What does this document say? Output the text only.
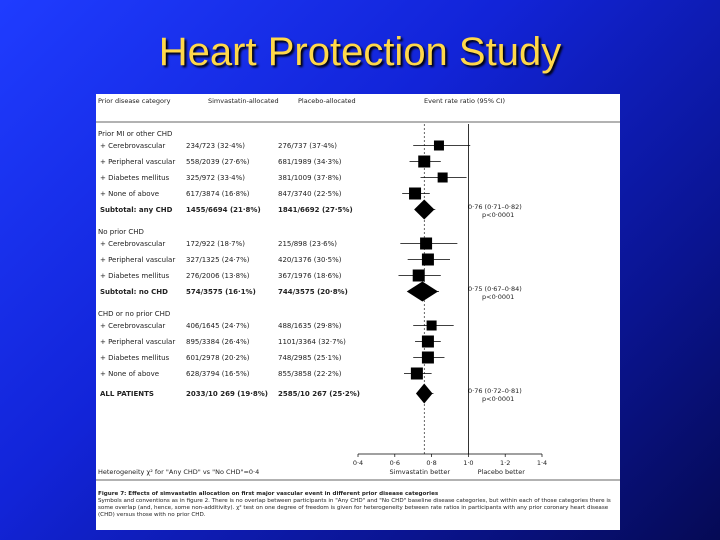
Heart Protection Study
Prior disease category	Simvastatin-allocated	Placebo-allocated	Event rate ratio (95% CI)
Prior MI or other CHD
+ Cerebrovascular	234/723 (32·4%)	276/737 (37·4%)
+ Peripheral vascular 558/2039 (27·6%)	681/1989 (34·3%)
+ Diabetes mellitus 325/972 (33·4%)	381/1009 (37·8%)
+ None of above	617/3874 (16·8%)	847/3740 (22·5%)
Subtotal: any CHD 1455/6694 (21·8%) 1841/6692 (27·5%)	0·76 (0·71–0·82)
p<0·0001
No prior CHD
+ Cerebrovascular	172/922 (18·7%)	215/898 (23·6%)
+ Peripheral vascular 327/1325 (24·7%)	420/1376 (30·5%)
+ Diabetes mellitus 276/2006 (13·8%)	367/1976 (18·6%)
Subtotal: no CHD	574/3575 (16·1%)	744/3575 (20·8%)	0·75 (0·67–0·84)
p<0·0001
CHD or no prior CHD
+ Cerebrovascular	406/1645 (24·7%)	488/1635 (29·8%)
+ Peripheral vascular 895/3384 (26·4%)	1101/3364 (32·7%)
+ Diabetes mellitus 601/2978 (20·2%)	748/2985 (25·1%)
+ None of above	628/3794 (16·5%)	855/3858 (22·2%)
ALL PATIENTS	2033/10 269 (19·8%) 2585/10 267 (25·2%)	0·76 (0·72–0·81)
p<0·0001
0·4	0·6	0·8	1·0	1·2	1·4
Simvastatin better	Placebo better
Heterogeneity χ² for "Any CHD" vs "No CHD"=0·4
Figure 7: Effects of simvastatin allocation on first major vascular event in different prior disease categories
Symbols and conventions as in figure 2. There is no overlap between participants in "Any CHD" and "No CHD" baseline disease categories, but within each of those categories there is some overlap (and, hence, some non-additivity). χ² test on one degree of freedom is given for heterogeneity between rate ratios in participants with any prior coronary heart disease (CHD) versus those with no prior CHD.
